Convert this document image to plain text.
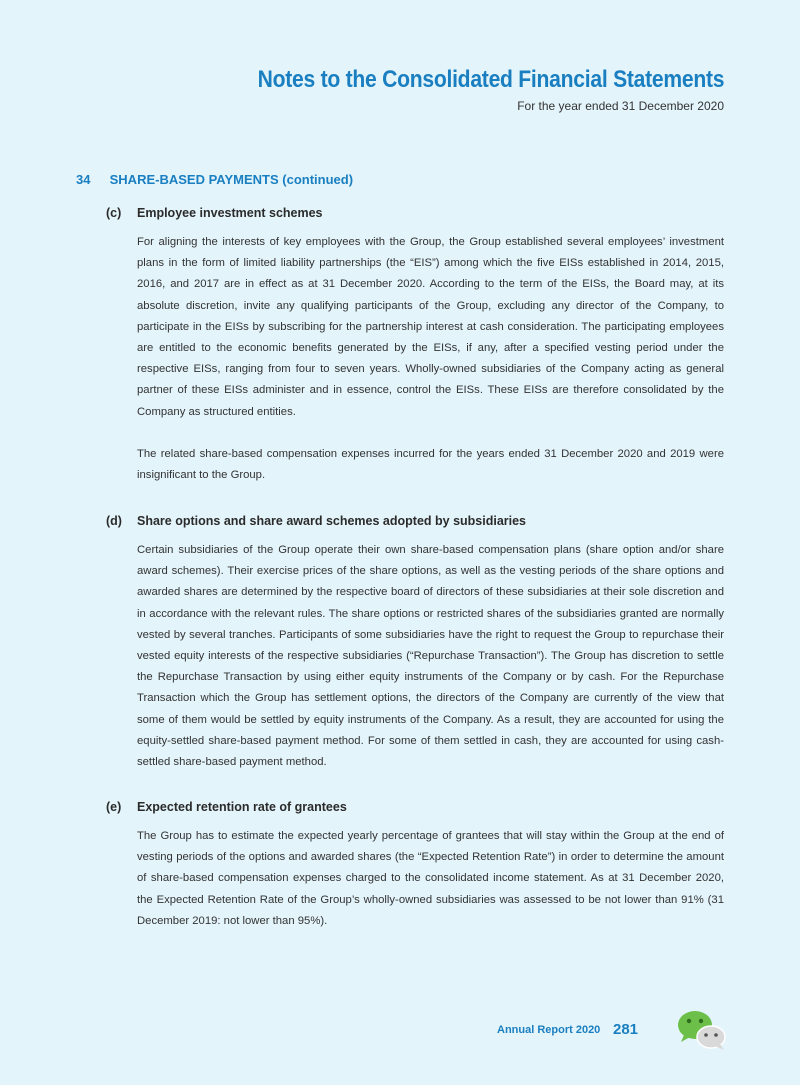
Notes to the Consolidated Financial Statements
For the year ended 31 December 2020
34 SHARE-BASED PAYMENTS (continued)
(c) Employee investment schemes
For aligning the interests of key employees with the Group, the Group established several employees’ investment plans in the form of limited liability partnerships (the “EIS”) among which the five EISs established in 2014, 2015, 2016, and 2017 are in effect as at 31 December 2020. According to the term of the EISs, the Board may, at its absolute discretion, invite any qualifying participants of the Group, excluding any director of the Company, to participate in the EISs by subscribing for the partnership interest at cash consideration. The participating employees are entitled to the economic benefits generated by the EISs, if any, after a specified vesting period under the respective EISs, ranging from four to seven years. Wholly-owned subsidiaries of the Company acting as general partner of these EISs administer and in essence, control the EISs. These EISs are therefore consolidated by the Company as structured entities.
The related share-based compensation expenses incurred for the years ended 31 December 2020 and 2019 were insignificant to the Group.
(d) Share options and share award schemes adopted by subsidiaries
Certain subsidiaries of the Group operate their own share-based compensation plans (share option and/or share award schemes). Their exercise prices of the share options, as well as the vesting periods of the share options and awarded shares are determined by the respective board of directors of these subsidiaries at their sole discretion and in accordance with the relevant rules. The share options or restricted shares of the subsidiaries granted are normally vested by several tranches. Participants of some subsidiaries have the right to request the Group to repurchase their vested equity interests of the respective subsidiaries (“Repurchase Transaction”). The Group has discretion to settle the Repurchase Transaction by using either equity instruments of the Company or by cash. For the Repurchase Transaction which the Group has settlement options, the directors of the Company are currently of the view that some of them would be settled by equity instruments of the Company. As a result, they are accounted for using the equity-settled share-based payment method. For some of them settled in cash, they are accounted for using cash-settled share-based payment method.
(e) Expected retention rate of grantees
The Group has to estimate the expected yearly percentage of grantees that will stay within the Group at the end of vesting periods of the options and awarded shares (the “Expected Retention Rate”) in order to determine the amount of share-based compensation expenses charged to the consolidated income statement. As at 31 December 2020, the Expected Retention Rate of the Group’s wholly-owned subsidiaries was assessed to be not lower than 91% (31 December 2019: not lower than 95%).
Annual Report 2020 281
